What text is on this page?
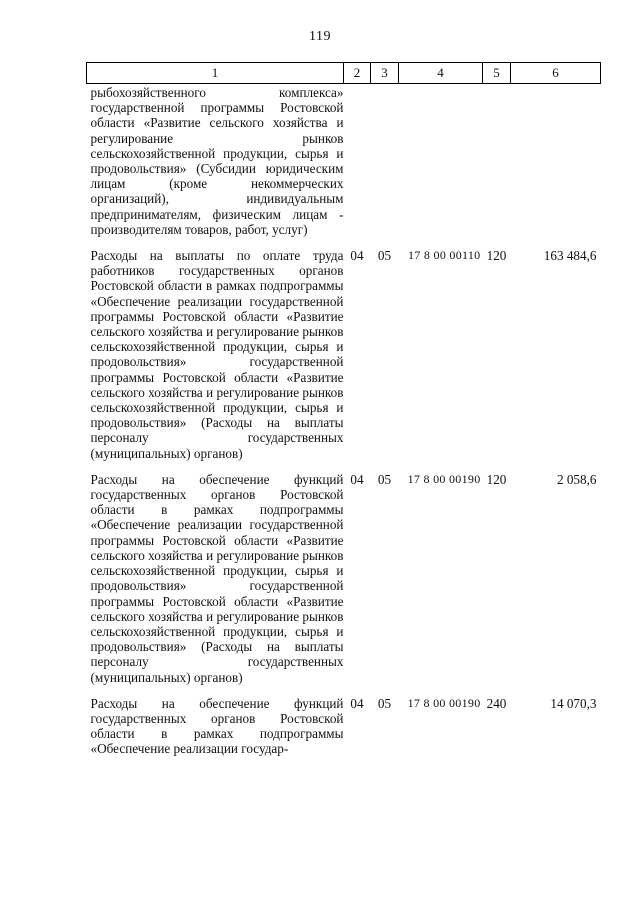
119
1	2	3	4	5	6
рыбохозяйственного комплекса» государственной программы Ростовской области «Развитие сельского хозяйства и регулирование рынков сельскохозяйственной продукции, сырья и продовольствия» (Субсидии юридическим лицам (кроме некоммерческих организаций), индивидуальным предпринимателям, физическим лицам - производителям товаров, работ, услуг)					

Расходы на выплаты по оплате труда работников государственных органов Ростовской области в рамках подпрограммы «Обеспечение реализации государственной программы Ростовской области «Развитие сельского хозяйства и регулирование рынков сельскохозяйственной продукции, сырья и продовольствия» государственной программы Ростовской области «Развитие сельского хозяйства и регулирование рынков сельскохозяйственной продукции, сырья и продовольствия» (Расходы на выплаты персоналу государственных (муниципальных) органов)	04	05	17 8 00 00110	120	163 484,6

Расходы на обеспечение функций государственных органов Ростовской области в рамках подпрограммы «Обеспечение реализации государственной программы Ростовской области «Развитие сельского хозяйства и регулирование рынков сельскохозяйственной продукции, сырья и продовольствия» государственной программы Ростовской области «Развитие сельского хозяйства и регулирование рынков сельскохозяйственной продукции, сырья и продовольствия» (Расходы на выплаты персоналу государственных (муниципальных) органов)	04	05	17 8 00 00190	120	2 058,6

Расходы на обеспечение функций государственных органов Ростовской области в рамках подпрограммы «Обеспечение реализации государ-	04	05	17 8 00 00190	240	14 070,3
